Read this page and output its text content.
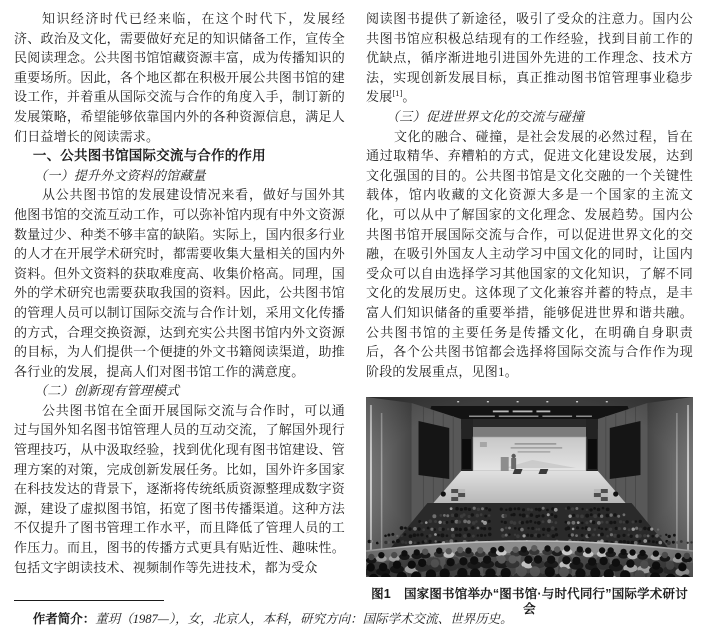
知识经济时代已经来临，在这个时代下，发展经济、政治及文化，需要做好充足的知识储备工作，宣传全民阅读理念。公共图书馆馆藏资源丰富，成为传播知识的重要场所。因此，各个地区都在积极开展公共图书馆的建设工作，并着重从国际交流与合作的角度入手，制订新的发展策略，希望能够依靠国内外的各种资源信息，满足人们日益增长的阅读需求。

一、公共图书馆国际交流与合作的作用
（一）提升外文资料的馆藏量

从公共图书馆的发展建设情况来看，做好与国外其他图书馆的交流互动工作，可以弥补馆内现有中外文资源数量过少、种类不够丰富的缺陷。实际上，国内很多行业的人才在开展学术研究时，都需要收集大量相关的国内外资料。但外文资料的获取难度高、收集价格高。同理，国外的学术研究也需要获取我国的资料。因此，公共图书馆的管理人员可以制订国际交流与合作计划，采用文化传播的方式，合理交换资源，达到充实公共图书馆内外文资源的目标，为人们提供一个便捷的外文书籍阅读渠道，助推各行业的发展，提高人们对图书馆工作的满意度。

（二）创新现有管理模式

公共图书馆在全面开展国际交流与合作时，可以通过与国外知名图书馆管理人员的互动交流，了解国外现行管理技巧，从中汲取经验，找到优化现有图书馆建设、管理方案的对策，完成创新发展任务。比如，国外许多国家在科技发达的背景下，逐渐将传统纸质资源整理成数字资源，建设了虚拟图书馆，拓宽了图书传播渠道。这种方法不仅提升了图书管理工作水平，而且降低了管理人员的工作压力。而且，图书的传播方式更具有贴近性、趣味性。包括文字朗读技术、视频制作等先进技术，都为受众

阅读图书提供了新途径，吸引了受众的注意力。国内公共图书馆应积极总结现有的工作经验，找到目前工作的优缺点，循序渐进地引进国外先进的工作理念、技术方法，实现创新发展目标，真正推动图书馆管理事业稳步发展[1]。

（三）促进世界文化的交流与碰撞

文化的融合、碰撞，是社会发展的必然过程，旨在通过取精华、弃糟粕的方式，促进文化建设发展，达到文化强国的目的。公共图书馆是文化交融的一个关键性载体，馆内收藏的文化资源大多是一个国家的主流文化，可以从中了解国家的文化理念、发展趋势。国内公共图书馆开展国际交流与合作，可以促进世界文化的交融，在吸引外国友人主动学习中国文化的同时，让国内受众可以自由选择学习其他国家的文化知识，了解不同文化的发展历史。这体现了文化兼容并蓄的特点，是丰富人们知识储备的重要举措，能够促进世界和谐共融。公共图书馆的主要任务是传播文化，在明确自身职责后，各个公共图书馆都会选择将国际交流与合作作为现阶段的发展重点，见图1。

图1 国家图书馆举办“图书馆·与时代同行”国际学术研讨会
作者简介：董玥（1987—），女，北京人，本科，研究方向：国际学术交流、世界历史。
